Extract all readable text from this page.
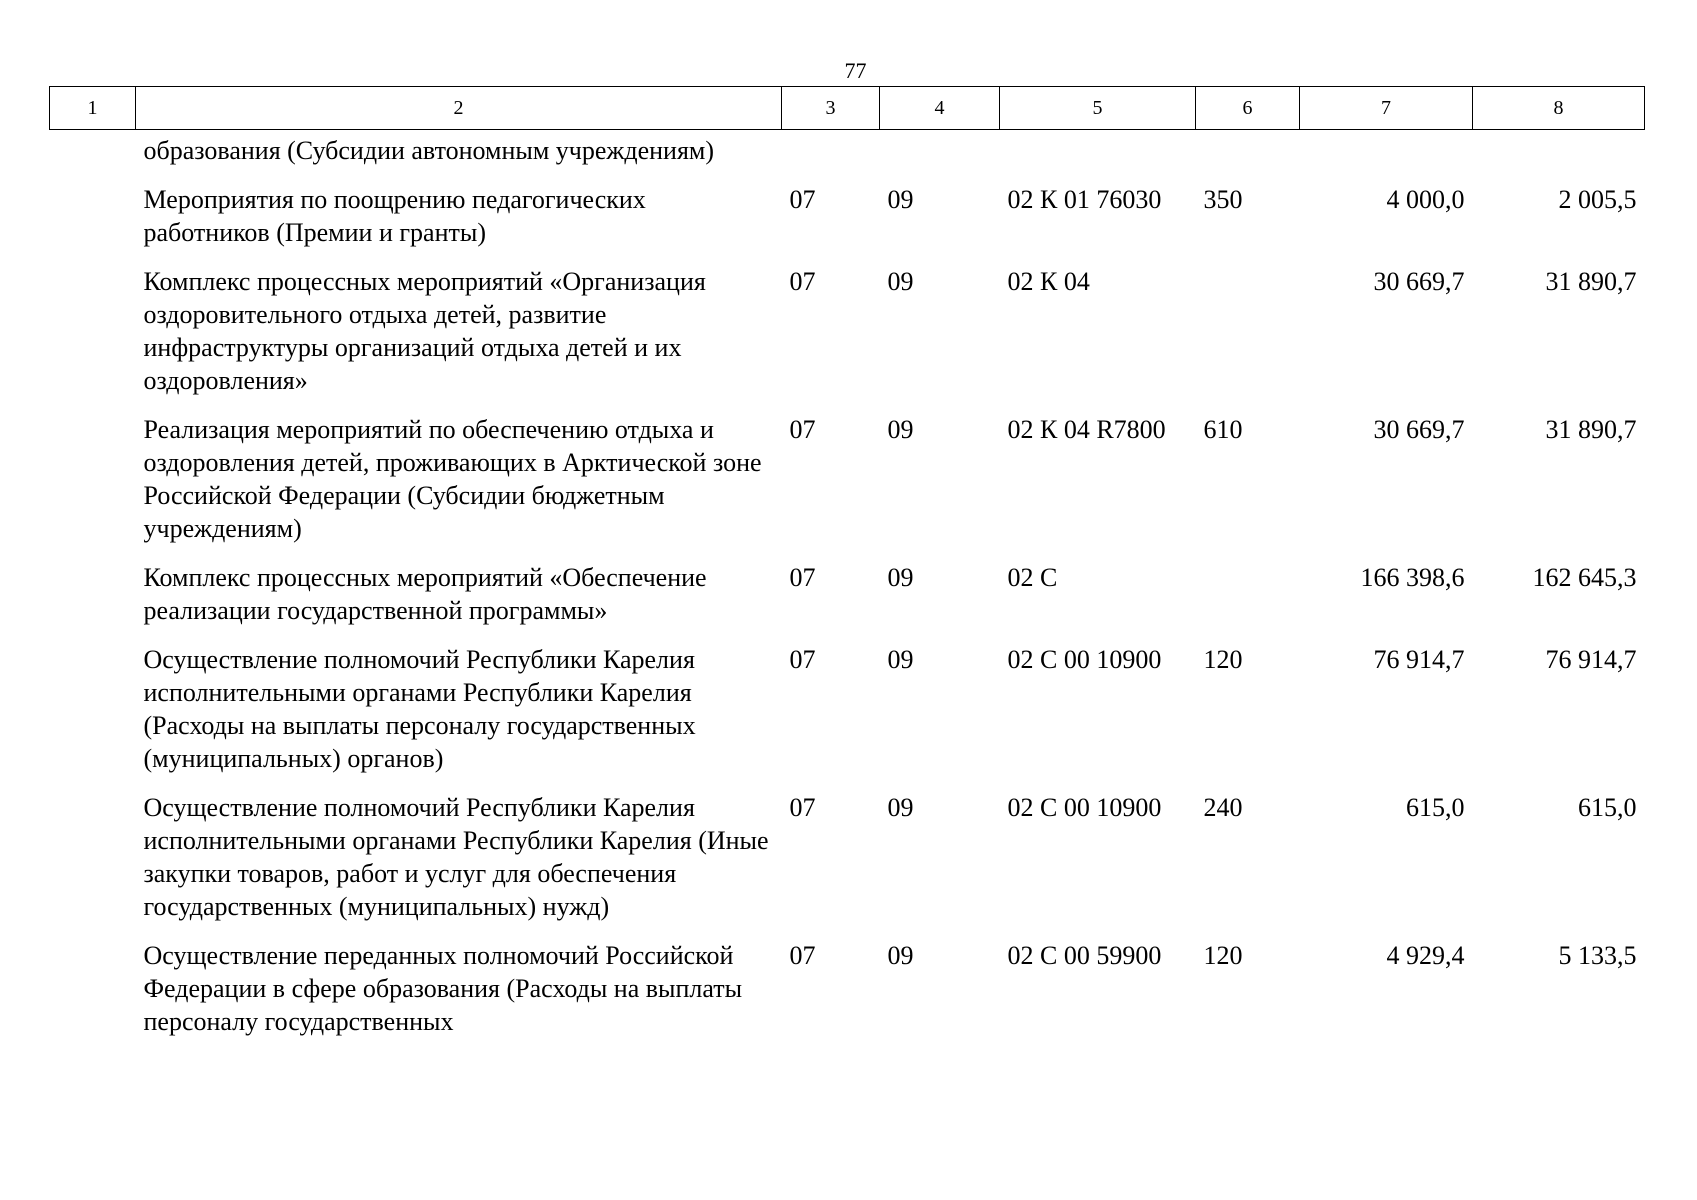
77
1	2	3	4	5	6	7	8
	образования (Субсидии автономным учреждениям)						
	Мероприятия по поощрению педагогических работников (Премии и гранты)	07	09	02 К 01 76030	350	4 000,0	2 005,5
	Комплекс процессных мероприятий «Организация оздоровительного отдыха детей, развитие инфраструктуры организаций отдыха детей и их оздоровления»	07	09	02 К 04		30 669,7	31 890,7
	Реализация мероприятий по обеспечению отдыха и оздоровления детей, проживающих в Арктической зоне Российской Федерации (Субсидии бюджетным учреждениям)	07	09	02 К 04 R7800	610	30 669,7	31 890,7
	Комплекс процессных мероприятий «Обеспечение реализации государственной программы»	07	09	02 С		166 398,6	162 645,3
	Осуществление полномочий Республики Карелия исполнительными органами Республики Карелия (Расходы на выплаты персоналу государственных (муниципальных) органов)	07	09	02 С 00 10900	120	76 914,7	76 914,7
	Осуществление полномочий Республики Карелия исполнительными органами Республики Карелия (Иные закупки товаров, работ и услуг для обеспечения государственных (муниципальных) нужд)	07	09	02 С 00 10900	240	615,0	615,0
	Осуществление переданных полномочий Российской Федерации в сфере образования (Расходы на выплаты персоналу государственных	07	09	02 С 00 59900	120	4 929,4	5 133,5
